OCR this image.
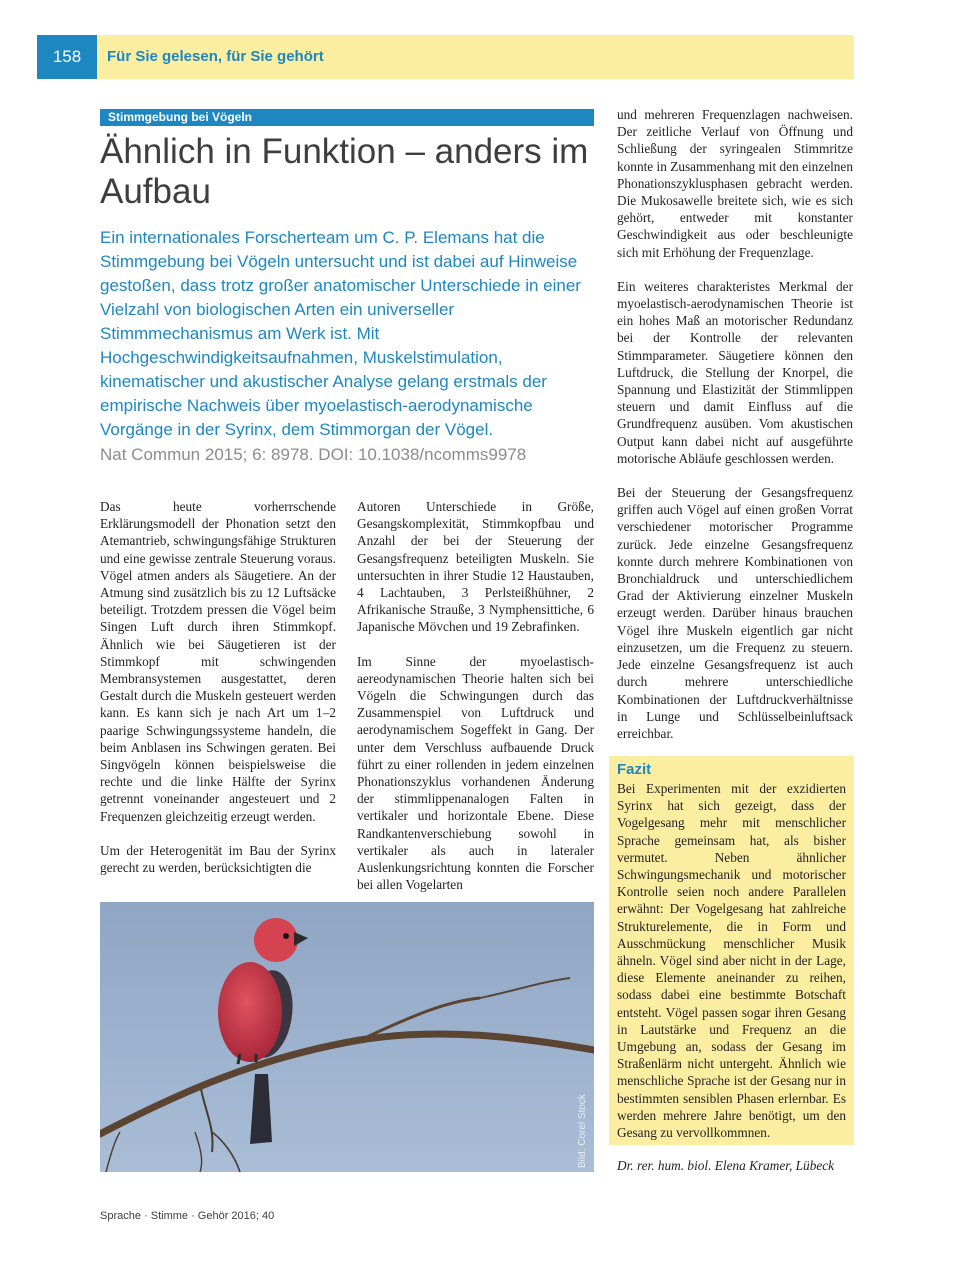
158	Für Sie gelesen, für Sie gehört
Stimmgebung bei Vögeln
Ähnlich in Funktion – anders im Aufbau

Ein internationales Forscherteam um C. P. Elemans hat die Stimmgebung bei Vögeln untersucht und ist dabei auf Hinweise gestoßen, dass trotz großer anatomischer Unterschiede in einer Vielzahl von biologischen Arten ein universeller Stimmmechanismus am Werk ist. Mit Hochgeschwindigkeitsaufnahmen, Muskelstimulation, kinematischer und akustischer Analyse gelang erstmals der empirische Nachweis über myoelastisch-aerodynamische Vorgänge in der Syrinx, dem Stimmorgan der Vögel.

Nat Commun 2015; 6: 8978. DOI: 10.1038/ncomms9978

Das heute vorherrschende Erklärungsmodell der Phonation setzt den Atemantrieb, schwingungsfähige Strukturen und eine gewisse zentrale Steuerung voraus. Vögel atmen anders als Säugetiere. An der Atmung sind zusätzlich bis zu 12 Luftsäcke beteiligt. Trotzdem pressen die Vögel beim Singen Luft durch ihren Stimmkopf. Ähnlich wie bei Säugetieren ist der Stimmkopf mit schwingenden Membransystemen ausgestattet, deren Gestalt durch die Muskeln gesteuert werden kann. Es kann sich je nach Art um 1–2 paarige Schwingungssysteme handeln, die beim Anblasen ins Schwingen geraten. Bei Singvögeln können beispielsweise die rechte und die linke Hälfte der Syrinx getrennt voneinander angesteuert und 2 Frequenzen gleichzeitig erzeugt werden.

Um der Heterogenität im Bau der Syrinx gerecht zu werden, berücksichtigten die

Autoren Unterschiede in Größe, Gesangskomplexität, Stimmkopfbau und Anzahl der bei der Steuerung der Gesangsfrequenz beteiligten Muskeln. Sie untersuchten in ihrer Studie 12 Haustauben, 4 Lachtauben, 3 Perlsteißhühner, 2 Afrikanische Strauße, 3 Nymphensittiche, 6 Japanische Mövchen und 19 Zebrafinken.

Im Sinne der myoelastisch-aereodynamischen Theorie halten sich bei Vögeln die Schwingungen durch das Zusammenspiel von Luftdruck und aerodynamischem Sogeffekt in Gang. Der unter dem Verschluss aufbauende Druck führt zu einer rollenden in jedem einzelnen Phonationszyklus vorhandenen Änderung der stimmlippenanalogen Falten in vertikaler und horizontale Ebene. Diese Randkantenverschiebung sowohl in vertikaler als auch in lateraler Auslenkungsrichtung konnten die Forscher bei allen Vogelarten

und mehreren Frequenzlagen nachweisen. Der zeitliche Verlauf von Öffnung und Schließung der syringealen Stimmritze konnte in Zusammenhang mit den einzelnen Phonationszyklusphasen gebracht werden. Die Mukosawelle breitete sich, wie es sich gehört, entweder mit konstanter Geschwindigkeit aus oder beschleunigte sich mit Erhöhung der Frequenzlage.

Ein weiteres charakteristes Merkmal der myoelastisch-aerodynamischen Theorie ist ein hohes Maß an motorischer Redundanz bei der Kontrolle der relevanten Stimmparameter. Säugetiere können den Luftdruck, die Stellung der Knorpel, die Spannung und Elastizität der Stimmlippen steuern und damit Einfluss auf die Grundfrequenz ausüben. Vom akustischen Output kann dabei nicht auf ausgeführte motorische Abläufe geschlossen werden.

Bei der Steuerung der Gesangsfrequenz griffen auch Vögel auf einen großen Vorrat verschiedener motorischer Programme zurück. Jede einzelne Gesangsfrequenz konnte durch mehrere Kombinationen von Bronchialdruck und unterschiedlichem Grad der Aktivierung einzelner Muskeln erzeugt werden. Darüber hinaus brauchen Vögel ihre Muskeln eigentlich gar nicht einzusetzen, um die Frequenz zu steuern. Jede einzelne Gesangsfrequenz ist auch durch mehrere unterschiedliche Kombinationen der Luftdruckverhältnisse in Lunge und Schlüsselbeinluftsack erreichbar.

Bild: Corel Stock
Fazit

Bei Experimenten mit der exzidierten Syrinx hat sich gezeigt, dass der Vogelgesang mehr mit menschlicher Sprache gemeinsam hat, als bisher vermutet. Neben ähnlicher Schwingungsmechanik und motorischer Kontrolle seien noch andere Parallelen erwähnt: Der Vogelgesang hat zahlreiche Strukturelemente, die in Form und Ausschmückung menschlicher Musik ähneln. Vögel sind aber nicht in der Lage, diese Elemente aneinander zu reihen, sodass dabei eine bestimmte Botschaft entsteht. Vögel passen sogar ihren Gesang in Lautstärke und Frequenz an die Umgebung an, sodass der Gesang im Straßenlärm nicht untergeht. Ähnlich wie menschliche Sprache ist der Gesang nur in bestimmten sensiblen Phasen erlernbar. Es werden mehrere Jahre benötigt, um den Gesang zu vervollkommnen.

Dr. rer. hum. biol. Elena Kramer, Lübeck
Sprache · Stimme · Gehör 2016; 40
